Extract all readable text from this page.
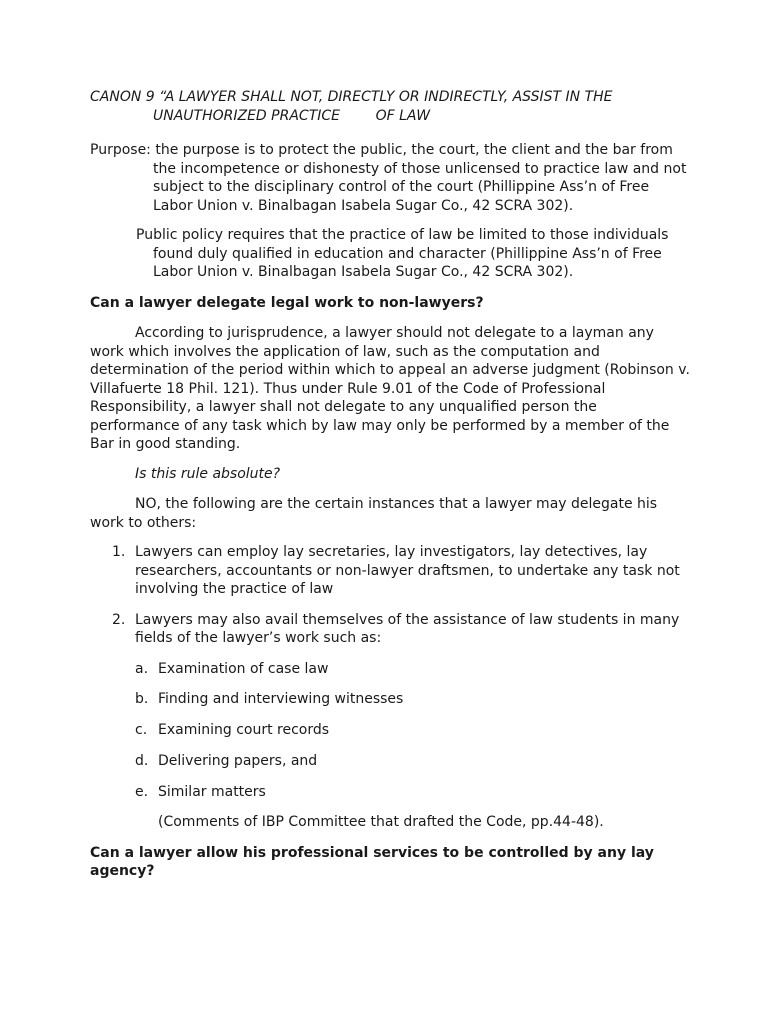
CANON 9 “A LAWYER SHALL NOT, DIRECTLY OR INDIRECTLY, ASSIST IN THE
UNAUTHORIZED PRACTICE        OF LAW

Purpose: the purpose is to protect the public, the court, the client and the bar from the incompetence or dishonesty of those unlicensed to practice law and not subject to the disciplinary control of the court (Phillippine Ass’n of Free Labor Union v. Binalbagan Isabela Sugar Co., 42 SCRA 302).

Public policy requires that the practice of law be limited to those individuals found duly qualified in education and character (Phillippine Ass’n of Free Labor Union v. Binalbagan Isabela Sugar Co., 42 SCRA 302).

Can a lawyer delegate legal work to non-lawyers?

According to jurisprudence, a lawyer should not delegate to a layman any work which involves the application of law, such as the computation and determination of the period within which to appeal an adverse judgment (Robinson v. Villafuerte 18 Phil. 121). Thus under Rule 9.01 of the Code of Professional Responsibility, a lawyer shall not delegate to any unqualified person the performance of any task which by law may only be performed by a member of the Bar in good standing.

Is this rule absolute?

NO, the following are the certain instances that a lawyer may delegate his work to others:

1. Lawyers can employ lay secretaries, lay investigators, lay detectives, lay researchers, accountants or non-lawyer draftsmen, to undertake any task not involving the practice of law
2. Lawyers may also avail themselves of the assistance of law students in many fields of the lawyer’s work such as:
a. Examination of case law
b. Finding and interviewing witnesses
c. Examining court records
d. Delivering papers, and
e. Similar matters

(Comments of IBP Committee that drafted the Code, pp.44-48).

Can a lawyer allow his professional services to be controlled by any lay agency?
